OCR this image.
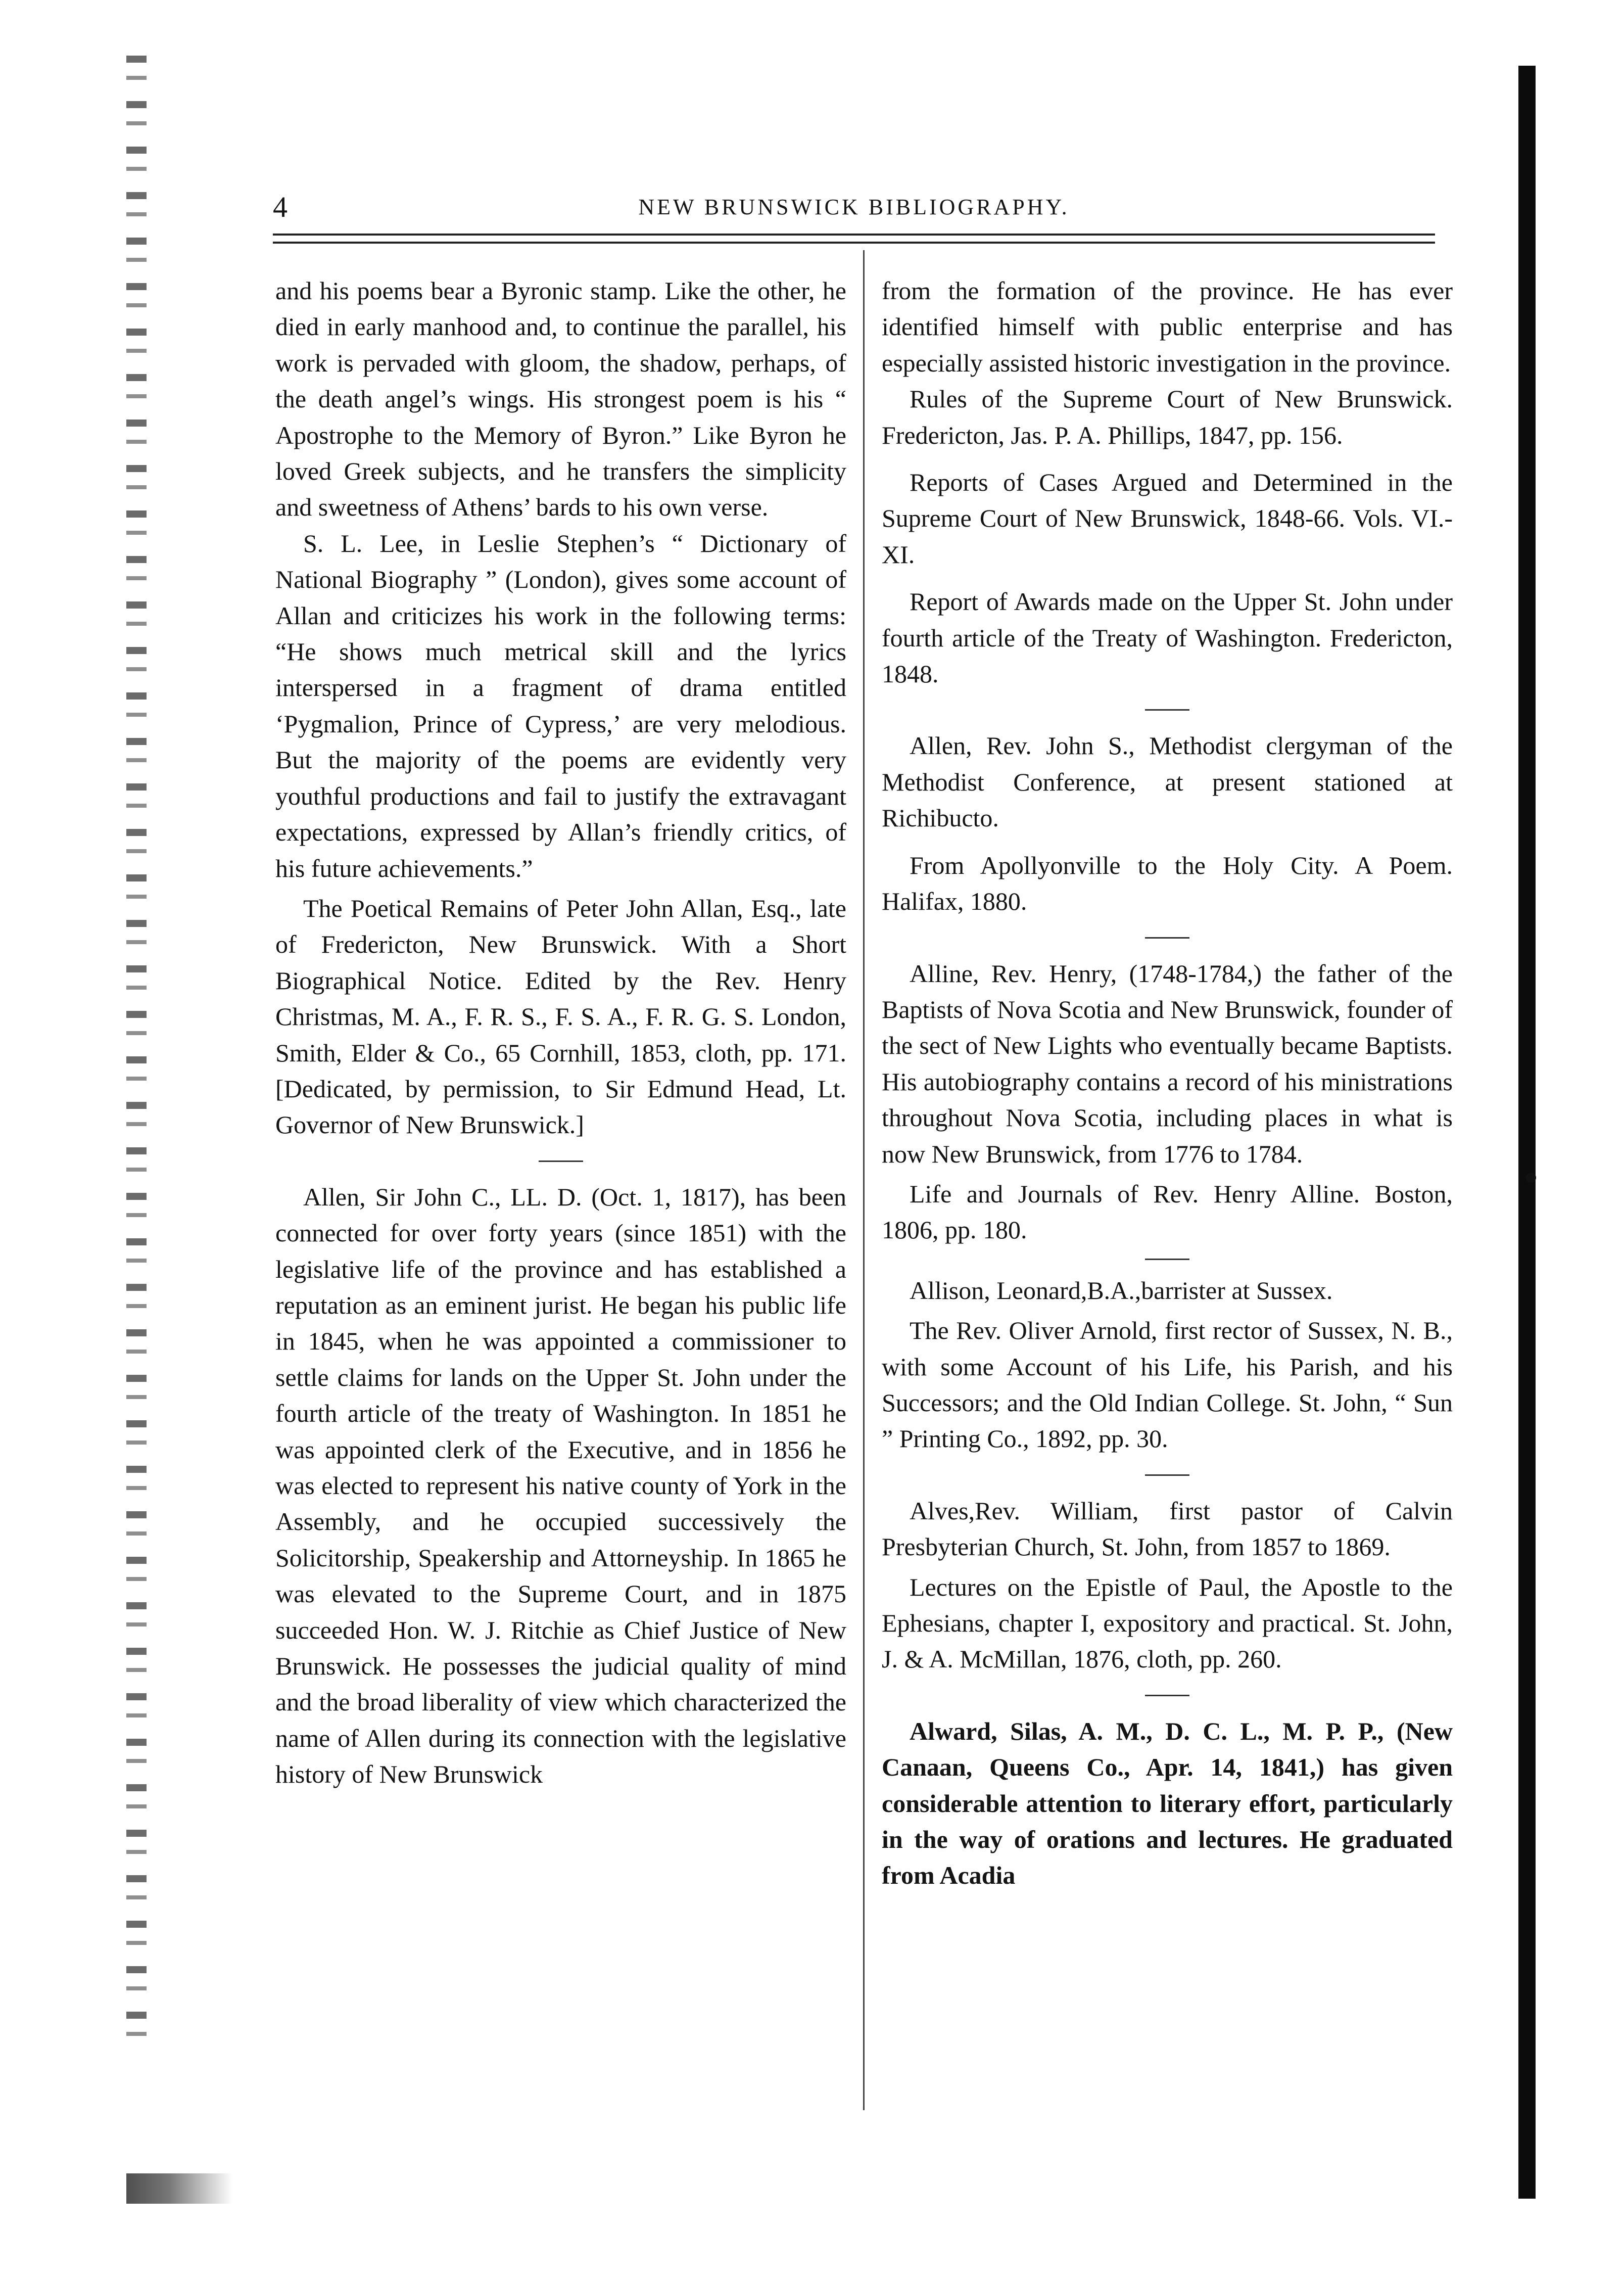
4	NEW BRUNSWICK BIBLIOGRAPHY.

and his poems bear a Byronic stamp. Like the other, he died in early manhood and, to continue the parallel, his work is pervaded with gloom, the shadow, perhaps, of the death angel’s wings. His strongest poem is his “ Apostrophe to the Memory of Byron.” Like Byron he loved Greek subjects, and he transfers the simplicity and sweetness of Athens’ bards to his own verse.

S. L. Lee, in Leslie Stephen’s “ Dictionary of National Biography ” (London), gives some account of Allan and criticizes his work in the following terms: “He shows much metrical skill and the lyrics interspersed in a fragment of drama entitled ‘Pygmalion, Prince of Cypress,’ are very melodious. But the majority of the poems are evidently very youthful productions and fail to justify the extravagant expectations, expressed by Allan’s friendly critics, of his future achievements.”

The Poetical Remains of Peter John Allan, Esq., late of Fredericton, New Brunswick. With a Short Biographical Notice. Edited by the Rev. Henry Christmas, M. A., F. R. S., F. S. A., F. R. G. S. London, Smith, Elder & Co., 65 Cornhill, 1853, cloth, pp. 171. [Dedicated, by permission, to Sir Edmund Head, Lt. Governor of New Brunswick.]

Allen, Sir John C., LL. D. (Oct. 1, 1817), has been connected for over forty years (since 1851) with the legislative life of the province and has established a reputation as an eminent jurist. He began his public life in 1845, when he was appointed a commissioner to settle claims for lands on the Upper St. John under the fourth article of the treaty of Washington. In 1851 he was appointed clerk of the Executive, and in 1856 he was elected to represent his native county of York in the Assembly, and he occupied successively the Solicitorship, Speakership and Attorneyship. In 1865 he was elevated to the Supreme Court, and in 1875 succeeded Hon. W. J. Ritchie as Chief Justice of New Brunswick. He possesses the judicial quality of mind and the broad liberality of view which characterized the name of Allen during its connection with the legislative history of New Brunswick

from the formation of the province. He has ever identified himself with public enterprise and has especially assisted historic investigation in the province.

Rules of the Supreme Court of New Brunswick. Fredericton, Jas. P. A. Phillips, 1847, pp. 156.

Reports of Cases Argued and Determined in the Supreme Court of New Brunswick, 1848-66. Vols. VI.-XI.

Report of Awards made on the Upper St. John under fourth article of the Treaty of Washington. Fredericton, 1848.

Allen, Rev. John S., Methodist clergyman of the Methodist Conference, at present stationed at Richibucto.

From Apollyonville to the Holy City. A Poem. Halifax, 1880.

Alline, Rev. Henry, (1748-1784,) the father of the Baptists of Nova Scotia and New Brunswick, founder of the sect of New Lights who eventually became Baptists. His autobiography contains a record of his ministrations throughout Nova Scotia, including places in what is now New Brunswick, from 1776 to 1784.

Life and Journals of Rev. Henry Alline. Boston, 1806, pp. 180.

Allison, Leonard,B.A.,barrister at Sussex.

The Rev. Oliver Arnold, first rector of Sussex, N. B., with some Account of his Life, his Parish, and his Successors; and the Old Indian College. St. John, “ Sun ” Printing Co., 1892, pp. 30.

Alves,Rev. William, first pastor of Calvin Presbyterian Church, St. John, from 1857 to 1869.

Lectures on the Epistle of Paul, the Apostle to the Ephesians, chapter I, expository and practical. St. John, J. & A. McMillan, 1876, cloth, pp. 260.

Alward, Silas, A. M., D. C. L., M. P. P., (New Canaan, Queens Co., Apr. 14, 1841,) has given considerable attention to literary effort, particularly in the way of orations and lectures. He graduated from Acadia
